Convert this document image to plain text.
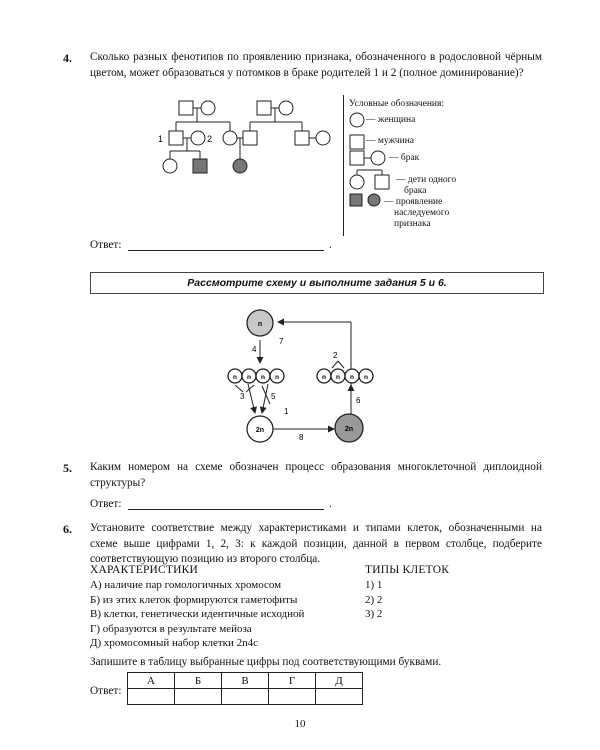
4. Сколько разных фенотипов по проявлению признака, обозначенного в родословной чёрным цветом, может образоваться у потомков в браке родителей 1 и 2 (полное доминирование)?
1	2
Условные обозначения:
— женщина
— мужчина
— брак
— дети одного
брака
— проявление
наследуемого
признака
Ответ:	.
Рассмотрите схему и выполните задания 5 и 6.
n
n n n n	n n n n
2n	2n
1
2
3
4
5	6
7
8
5. Каким номером на схеме обозначен процесс образования многоклеточной диплоидной структуры?
Ответ:	.
6. Установите соответствие между характеристиками и типами клеток, обозначенными на схеме выше цифрами 1, 2, 3: к каждой позиции, данной в первом столбце, подберите соответствующую позицию из второго столбца.
ХАРАКТЕРИСТИКИ	ТИПЫ КЛЕТОК
А) наличие пар гомологичных хромосом
Б) из этих клеток формируются гаметофиты
В) клетки, генетически идентичные исходной
Г) образуются в результате мейоза
Д) хромосомный набор клетки 2n4c
1) 1
2) 2
3) 2
Запишите в таблицу выбранные цифры под соответствующими буквами.
Ответ:
А	Б	В	Г	Д

10
